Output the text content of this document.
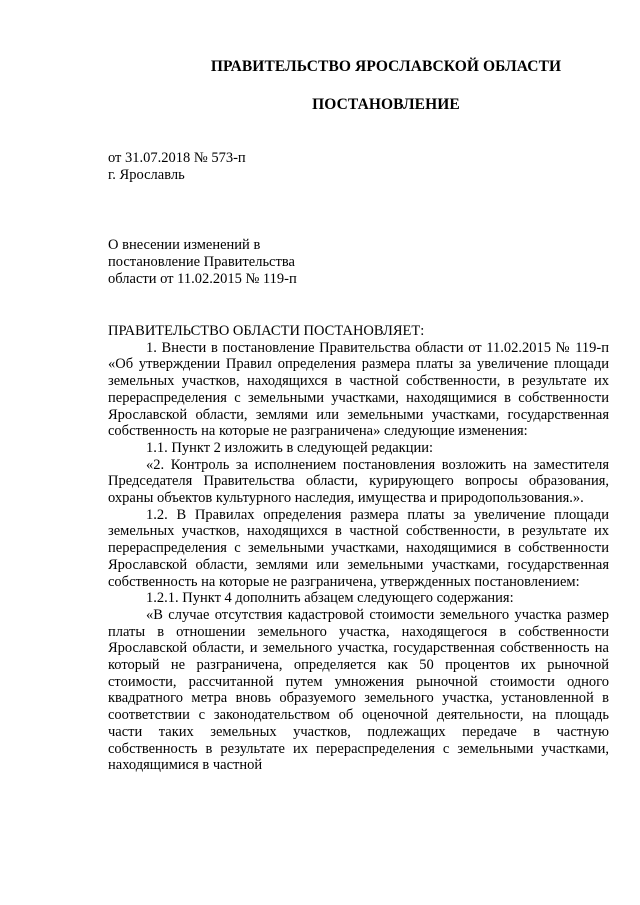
ПРАВИТЕЛЬСТВО ЯРОСЛАВСКОЙ ОБЛАСТИ
ПОСТАНОВЛЕНИЕ
от 31.07.2018 № 573-п
г. Ярославль
О внесении изменений в
постановление Правительства
области от 11.02.2015 № 119-п

ПРАВИТЕЛЬСТВО ОБЛАСТИ ПОСТАНОВЛЯЕТ:

1. Внести в постановление Правительства области от 11.02.2015 № 119-п «Об утверждении Правил определения размера платы за увеличение площади земельных участков, находящихся в частной собственности, в результате их перераспределения с земельными участками, находящимися в собственности Ярославской области, землями или земельными участками, государственная собственность на которые не разграничена» следующие изменения:

1.1. Пункт 2 изложить в следующей редакции:

«2. Контроль за исполнением постановления возложить на заместителя Председателя Правительства области, курирующего вопросы образования, охраны объектов культурного наследия, имущества и природопользования.».

1.2. В Правилах определения размера платы за увеличение площади земельных участков, находящихся в частной собственности, в результате их перераспределения с земельными участками, находящимися в собственности Ярославской области, землями или земельными участками, государственная собственность на которые не разграничена, утвержденных постановлением:

1.2.1. Пункт 4 дополнить абзацем следующего содержания:

«В случае отсутствия кадастровой стоимости земельного участка размер платы в отношении земельного участка, находящегося в собственности Ярославской области, и земельного участка, государственная собственность на который не разграничена, определяется как 50 процентов их рыночной стоимости, рассчитанной путем умножения рыночной стоимости одного квадратного метра вновь образуемого земельного участка, установленной в соответствии с законодательством об оценочной деятельности, на площадь части таких земельных участков, подлежащих передаче в частную собственность в результате их перераспределения с земельными участками, находящимися в частной
